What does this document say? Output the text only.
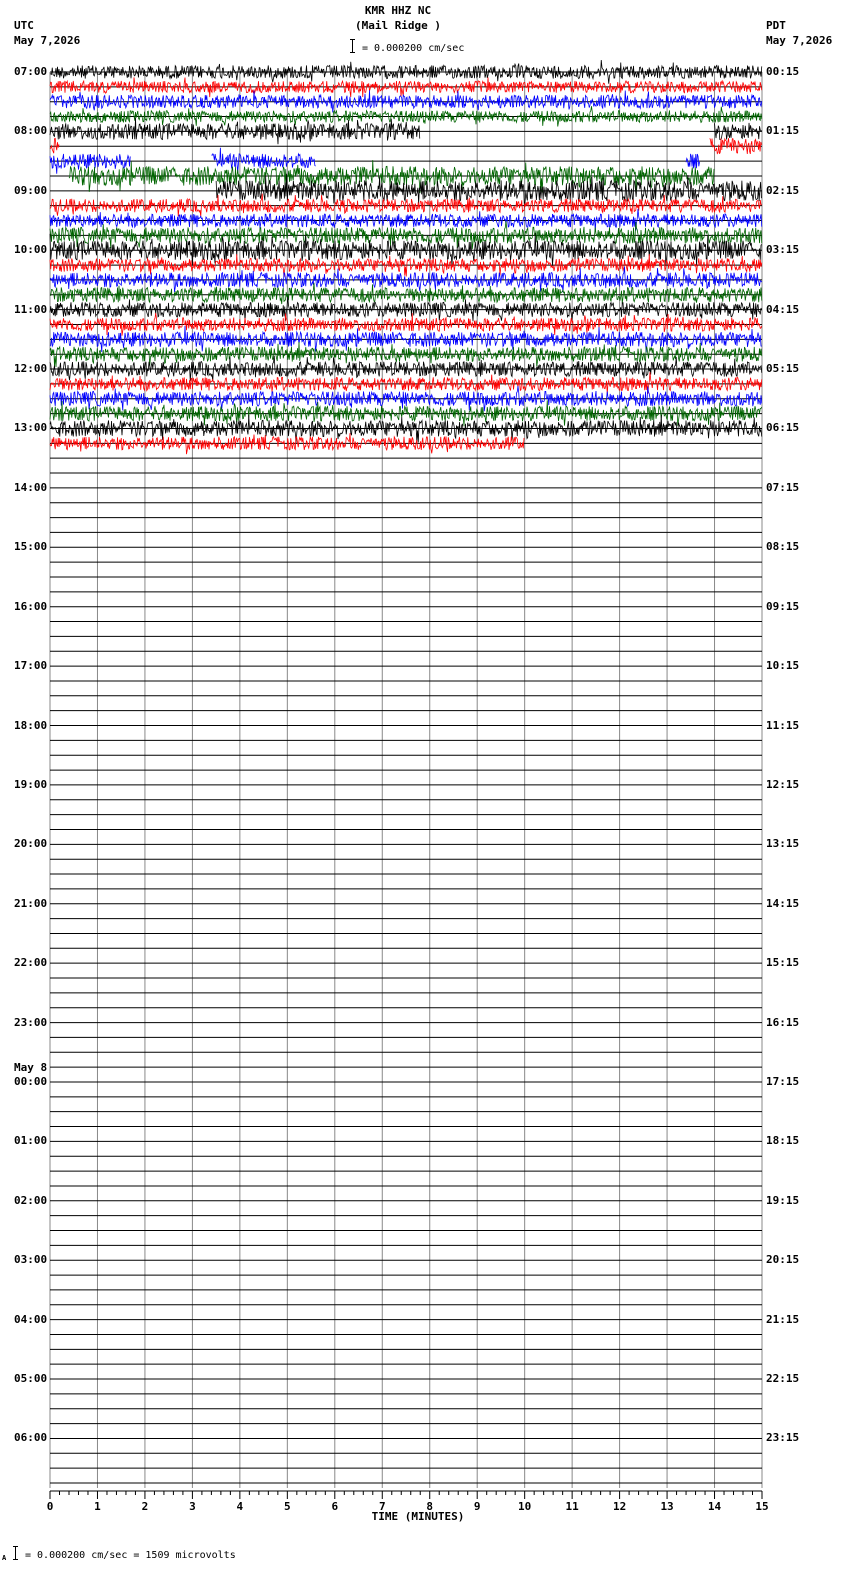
UTC
May 7,2026
PDT
May 7,2026
KMR HHZ NC
(Mail Ridge )
= 0.000200 cm/sec
07:00
08:00
09:00
10:00
11:00
12:00
13:00
14:00
15:00
16:00
17:00
18:00
19:00
20:00
21:00
22:00
23:00
May 8
00:00
01:00
02:00
03:00
04:00
05:00
06:00
00:15
01:15
02:15
03:15
04:15
05:15
06:15
07:15
08:15
09:15
10:15
11:15
12:15
13:15
14:15
15:15
16:15
17:15
18:15
19:15
20:15
21:15
22:15
23:15
0	1	2	3	4	5	6	7	8	9	10	11	12	13	14	15
TIME (MINUTES)
A = 0.000200 cm/sec = 1509 microvolts
